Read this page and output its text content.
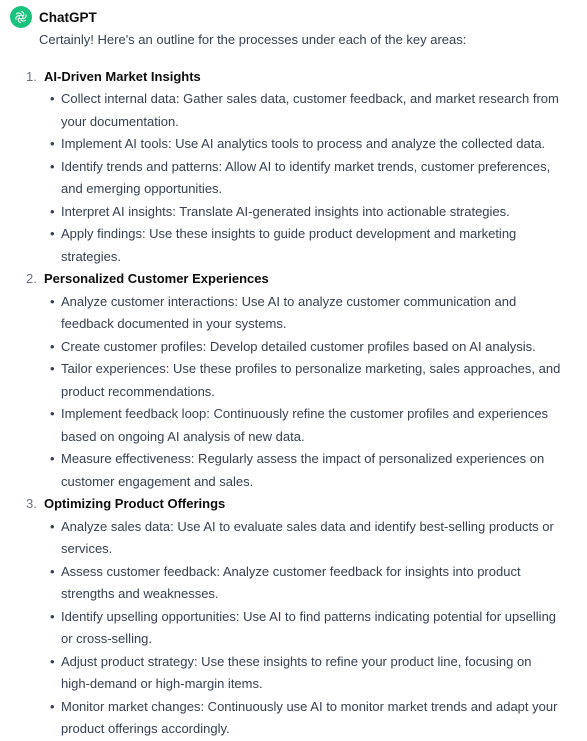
ChatGPT
Certainly! Here's an outline for the processes under each of the key areas:
1. AI-Driven Market Insights
• Collect internal data: Gather sales data, customer feedback, and market research from your documentation.
• Implement AI tools: Use AI analytics tools to process and analyze the collected data.
• Identify trends and patterns: Allow AI to identify market trends, customer preferences, and emerging opportunities.
• Interpret AI insights: Translate AI-generated insights into actionable strategies.
• Apply findings: Use these insights to guide product development and marketing strategies.
2. Personalized Customer Experiences
• Analyze customer interactions: Use AI to analyze customer communication and feedback documented in your systems.
• Create customer profiles: Develop detailed customer profiles based on AI analysis.
• Tailor experiences: Use these profiles to personalize marketing, sales approaches, and product recommendations.
• Implement feedback loop: Continuously refine the customer profiles and experiences based on ongoing AI analysis of new data.
• Measure effectiveness: Regularly assess the impact of personalized experiences on customer engagement and sales.
3. Optimizing Product Offerings
• Analyze sales data: Use AI to evaluate sales data and identify best-selling products or services.
• Assess customer feedback: Analyze customer feedback for insights into product strengths and weaknesses.
• Identify upselling opportunities: Use AI to find patterns indicating potential for upselling or cross-selling.
• Adjust product strategy: Use these insights to refine your product line, focusing on high-demand or high-margin items.
• Monitor market changes: Continuously use AI to monitor market trends and adapt your product offerings accordingly.
